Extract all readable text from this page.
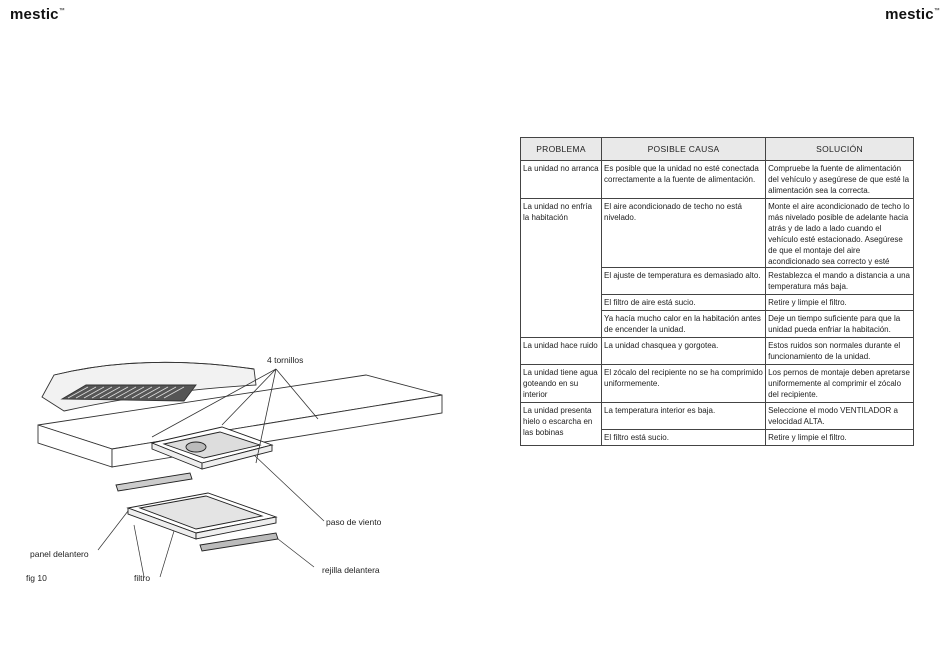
mestic™	mestic™
4 tornillos
paso de viento
panel delantero
rejilla delantera
filtro
fig 10
PROBLEMA	POSIBLE CAUSA	SOLUCIÓN
La unidad no arranca	Es posible que la unidad no esté conectada correctamente a la fuente de alimentación.	Compruebe la fuente de alimentación del vehículo y asegúrese de que esté la alimentación sea la correcta.
La unidad no enfría la habitación	El aire acondicionado de techo no está nivelado.	Monte el aire acondicionado de techo lo más nivelado posible de adelante hacia atrás y de lado a lado cuando el vehículo esté estacionado. Asegúrese de que el montaje del aire acondicionado sea correcto y esté

	El ajuste de temperatura es demasiado alto.	Restablezca el mando a distancia a una temperatura más baja.
	El filtro de aire está sucio.	Retire y limpie el filtro.
	Ya hacía mucho calor en la habitación antes de encender la unidad.	Deje un tiempo suficiente para que la unidad pueda enfriar la habitación.
La unidad hace ruido	La unidad chasquea y gorgotea.	Estos ruidos son normales durante el funcionamiento de la unidad.
La unidad tiene agua goteando en su interior	El zócalo del recipiente no se ha comprimido uniformemente.	Los pernos de montaje deben apretarse uniformemente al comprimir el zócalo del recipiente.
La unidad presenta hielo o escarcha en las bobinas	La temperatura interior es baja.	Seleccione el modo VENTILADOR a velocidad ALTA.
	El filtro está sucio.	Retire y limpie el filtro.
